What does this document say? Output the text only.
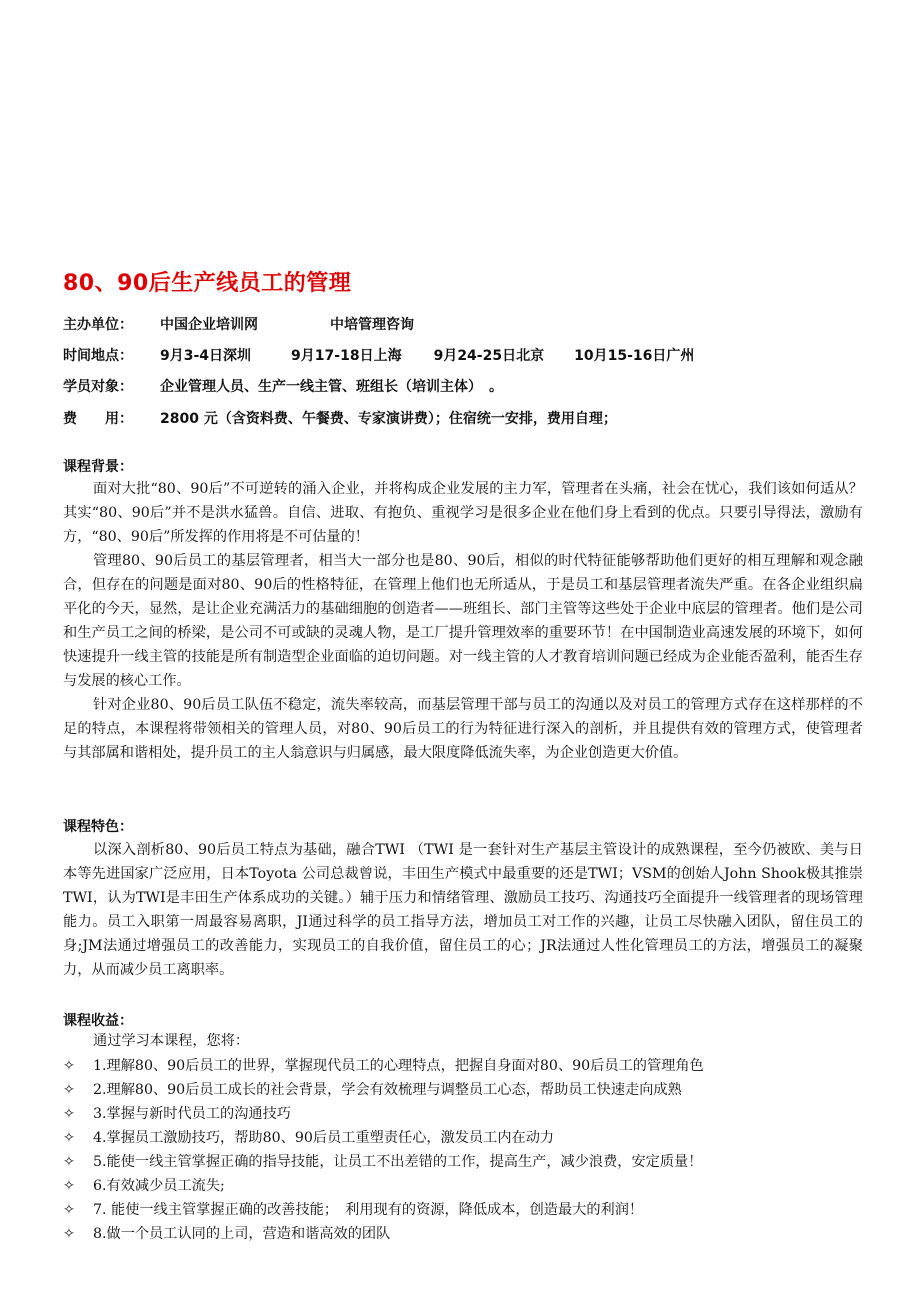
80、90后生产线员工的管理
主办单位： 中国企业培训网	中培管理咨询
时间地点： 9月3-4日深圳	9月17-18日上海 9月24-25日北京 10月15-16日广州
学员对象： 企业管理人员、生产一线主管、班组长（培训主体）　。
费　　用： 2800 元（含资料费、午餐费、专家演讲费）；住宿统一安排，费用自理；
课程背景：
面对大批“80、90后”不可逆转的涌入企业，并将构成企业发展的主力军，管理者在头痛，社会在忧心，我们该如何适从？其实“80、90后”并不是洪水猛兽。自信、进取、有抱负、重视学习是很多企业在他们身上看到的优点。只要引导得法，激励有方，“80、90后”所发挥的作用将是不可估量的！
管理80、90后员工的基层管理者，相当大一部分也是80、90后，相似的时代特征能够帮助他们更好的相互理解和观念融合，但存在的问题是面对80、90后的性格特征，在管理上他们也无所适从，于是员工和基层管理者流失严重。在各企业组织扁平化的今天，显然，是让企业充满活力的基础细胞的创造者——班组长、部门主管等这些处于企业中底层的管理者。他们是公司和生产员工之间的桥梁，是公司不可或缺的灵魂人物，是工厂提升管理效率的重要环节！在中国制造业高速发展的环境下，如何快速提升一线主管的技能是所有制造型企业面临的迫切问题。对一线主管的人才教育培训问题已经成为企业能否盈利，能否生存与发展的核心工作。
针对企业80、90后员工队伍不稳定，流失率较高，而基层管理干部与员工的沟通以及对员工的管理方式存在这样那样的不足的特点，本课程将带领相关的管理人员，对80、90后员工的行为特征进行深入的剖析，并且提供有效的管理方式，使管理者与其部属和谐相处，提升员工的主人翁意识与归属感，最大限度降低流失率，为企业创造更大价值。
课程特色：
以深入剖析80、90后员工特点为基础，融合TWI （TWI 是一套针对生产基层主管设计的成熟课程，至今仍被欧、美与日本等先进国家广泛应用，日本Toyota 公司总裁曾说，丰田生产模式中最重要的还是TWI；VSM的创始人John Shook极其推崇TWI，认为TWI是丰田生产体系成功的关键。）辅于压力和情绪管理、激励员工技巧、沟通技巧全面提升一线管理者的现场管理能力。员工入职第一周最容易离职，JI通过科学的员工指导方法，增加员工对工作的兴趣，让员工尽快融入团队，留住员工的身;JM法通过增强员工的改善能力，实现员工的自我价值，留住员工的心；JR法通过人性化管理员工的方法，增强员工的凝聚力，从而减少员工离职率。
课程收益：
通过学习本课程，您将：
✧ 1.理解80、90后员工的世界，掌握现代员工的心理特点，把握自身面对80、90后员工的管理角色
✧ 2.理解80、90后员工成长的社会背景，学会有效梳理与调整员工心态，帮助员工快速走向成熟
✧ 3.掌握与新时代员工的沟通技巧
✧ 4.掌握员工激励技巧，帮助80、90后员工重塑责任心，激发员工内在动力
✧ 5.能使一线主管掌握正确的指导技能，让员工不出差错的工作，提高生产，减少浪费，安定质量！
✧ 6.有效减少员工流失;
✧ 7. 能使一线主管掌握正确的改善技能；　利用现有的资源，降低成本，创造最大的利润！
✧ 8.做一个员工认同的上司，营造和谐高效的团队
